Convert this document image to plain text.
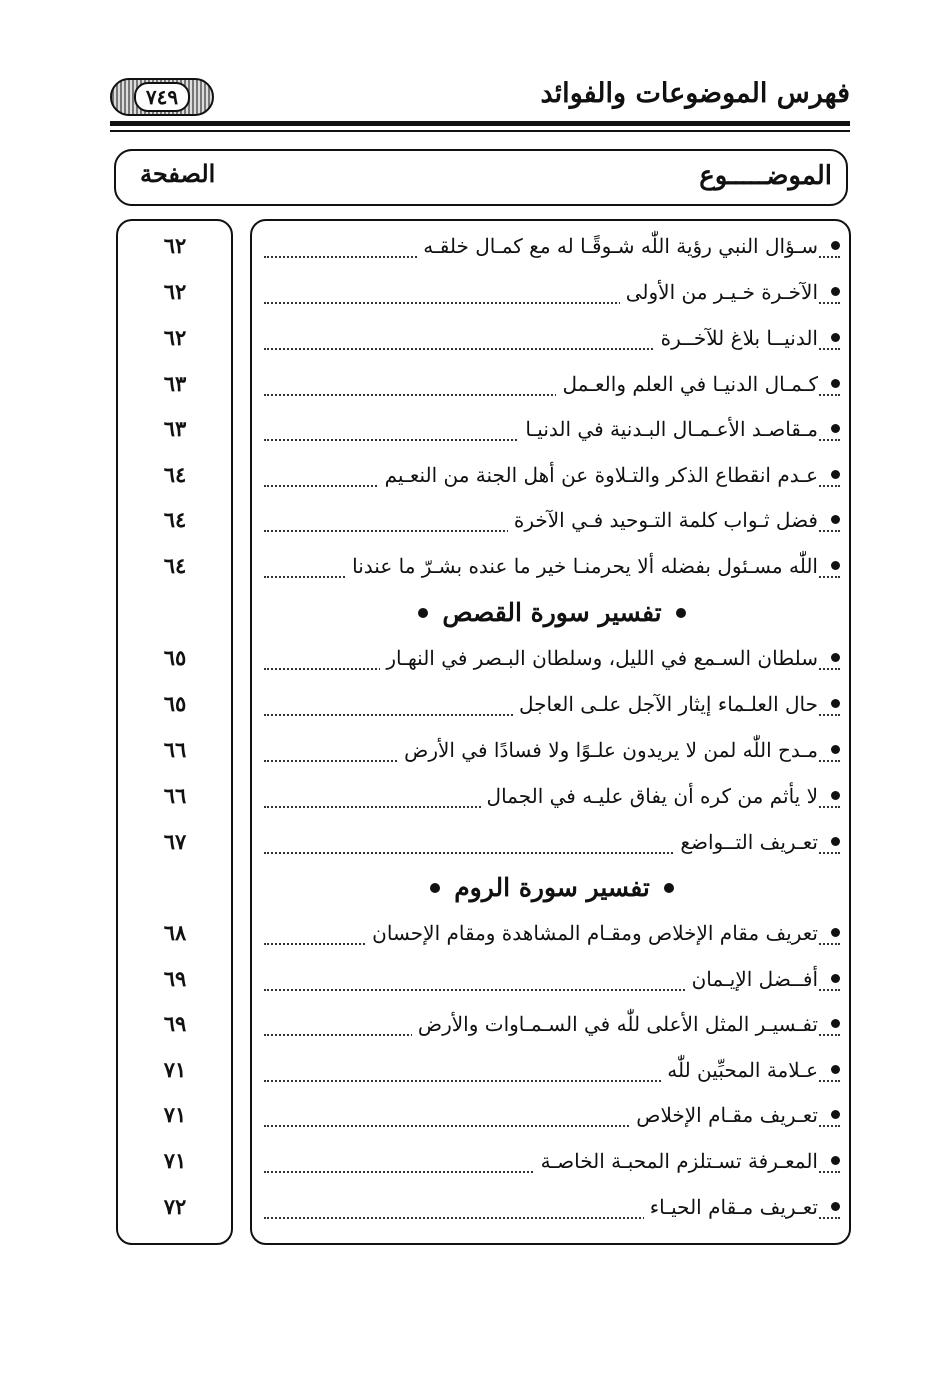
فهرس الموضوعات والفوائد
٧٤٩
الموضـــــوع
الصفحة
سـؤال النبي رؤية اللّٰه شـوقًـا له مع كمـال خلقـه
٦٢
الآخـرة خـيـر من الأولى
٦٢
الدنيــا بلاغ للآخــرة
٦٢
كـمـال الدنيـا في العلم والعـمل
٦٣
مـقاصـد الأعـمـال البـدنية في الدنيـا
٦٣
عـدم انقطاع الذكر والتـلاوة عن أهل الجنة من النعـيم
٦٤
فضل ثـواب كلمة التـوحيد فـي الآخرة
٦٤
اللّٰه مسـئول بفضله ألا يحرمنـا خير ما عنده بشـرّ ما عندنا
٦٤
تفسير سورة القصص
سلطان السـمع في الليل، وسلطان البـصر في النهـار
٦٥
حال العلـماء إيثار الآجل علـى العاجل
٦٥
مـدح اللّٰه لمن لا يريدون علـوًا ولا فسادًا في الأرض
٦٦
لا يأثم من كره أن يفاق عليـه في الجمال
٦٦
تعـريف التــواضع
٦٧
تفسير سورة الروم
تعريف مقام الإخلاص ومقـام المشاهدة ومقام الإحسان
٦٨
أفــضل الإيـمان
٦٩
تفـسيـر المثل الأعلى للّٰه في السـمـاوات والأرض
٦٩
عـلامة المحبِّين للّٰه
٧١
تعـريف مقـام الإخلاص
٧١
المعـرفة تسـتلزم المحبـة الخاصـة
٧١
تعـريف مـقام الحيـاء
٧٢
